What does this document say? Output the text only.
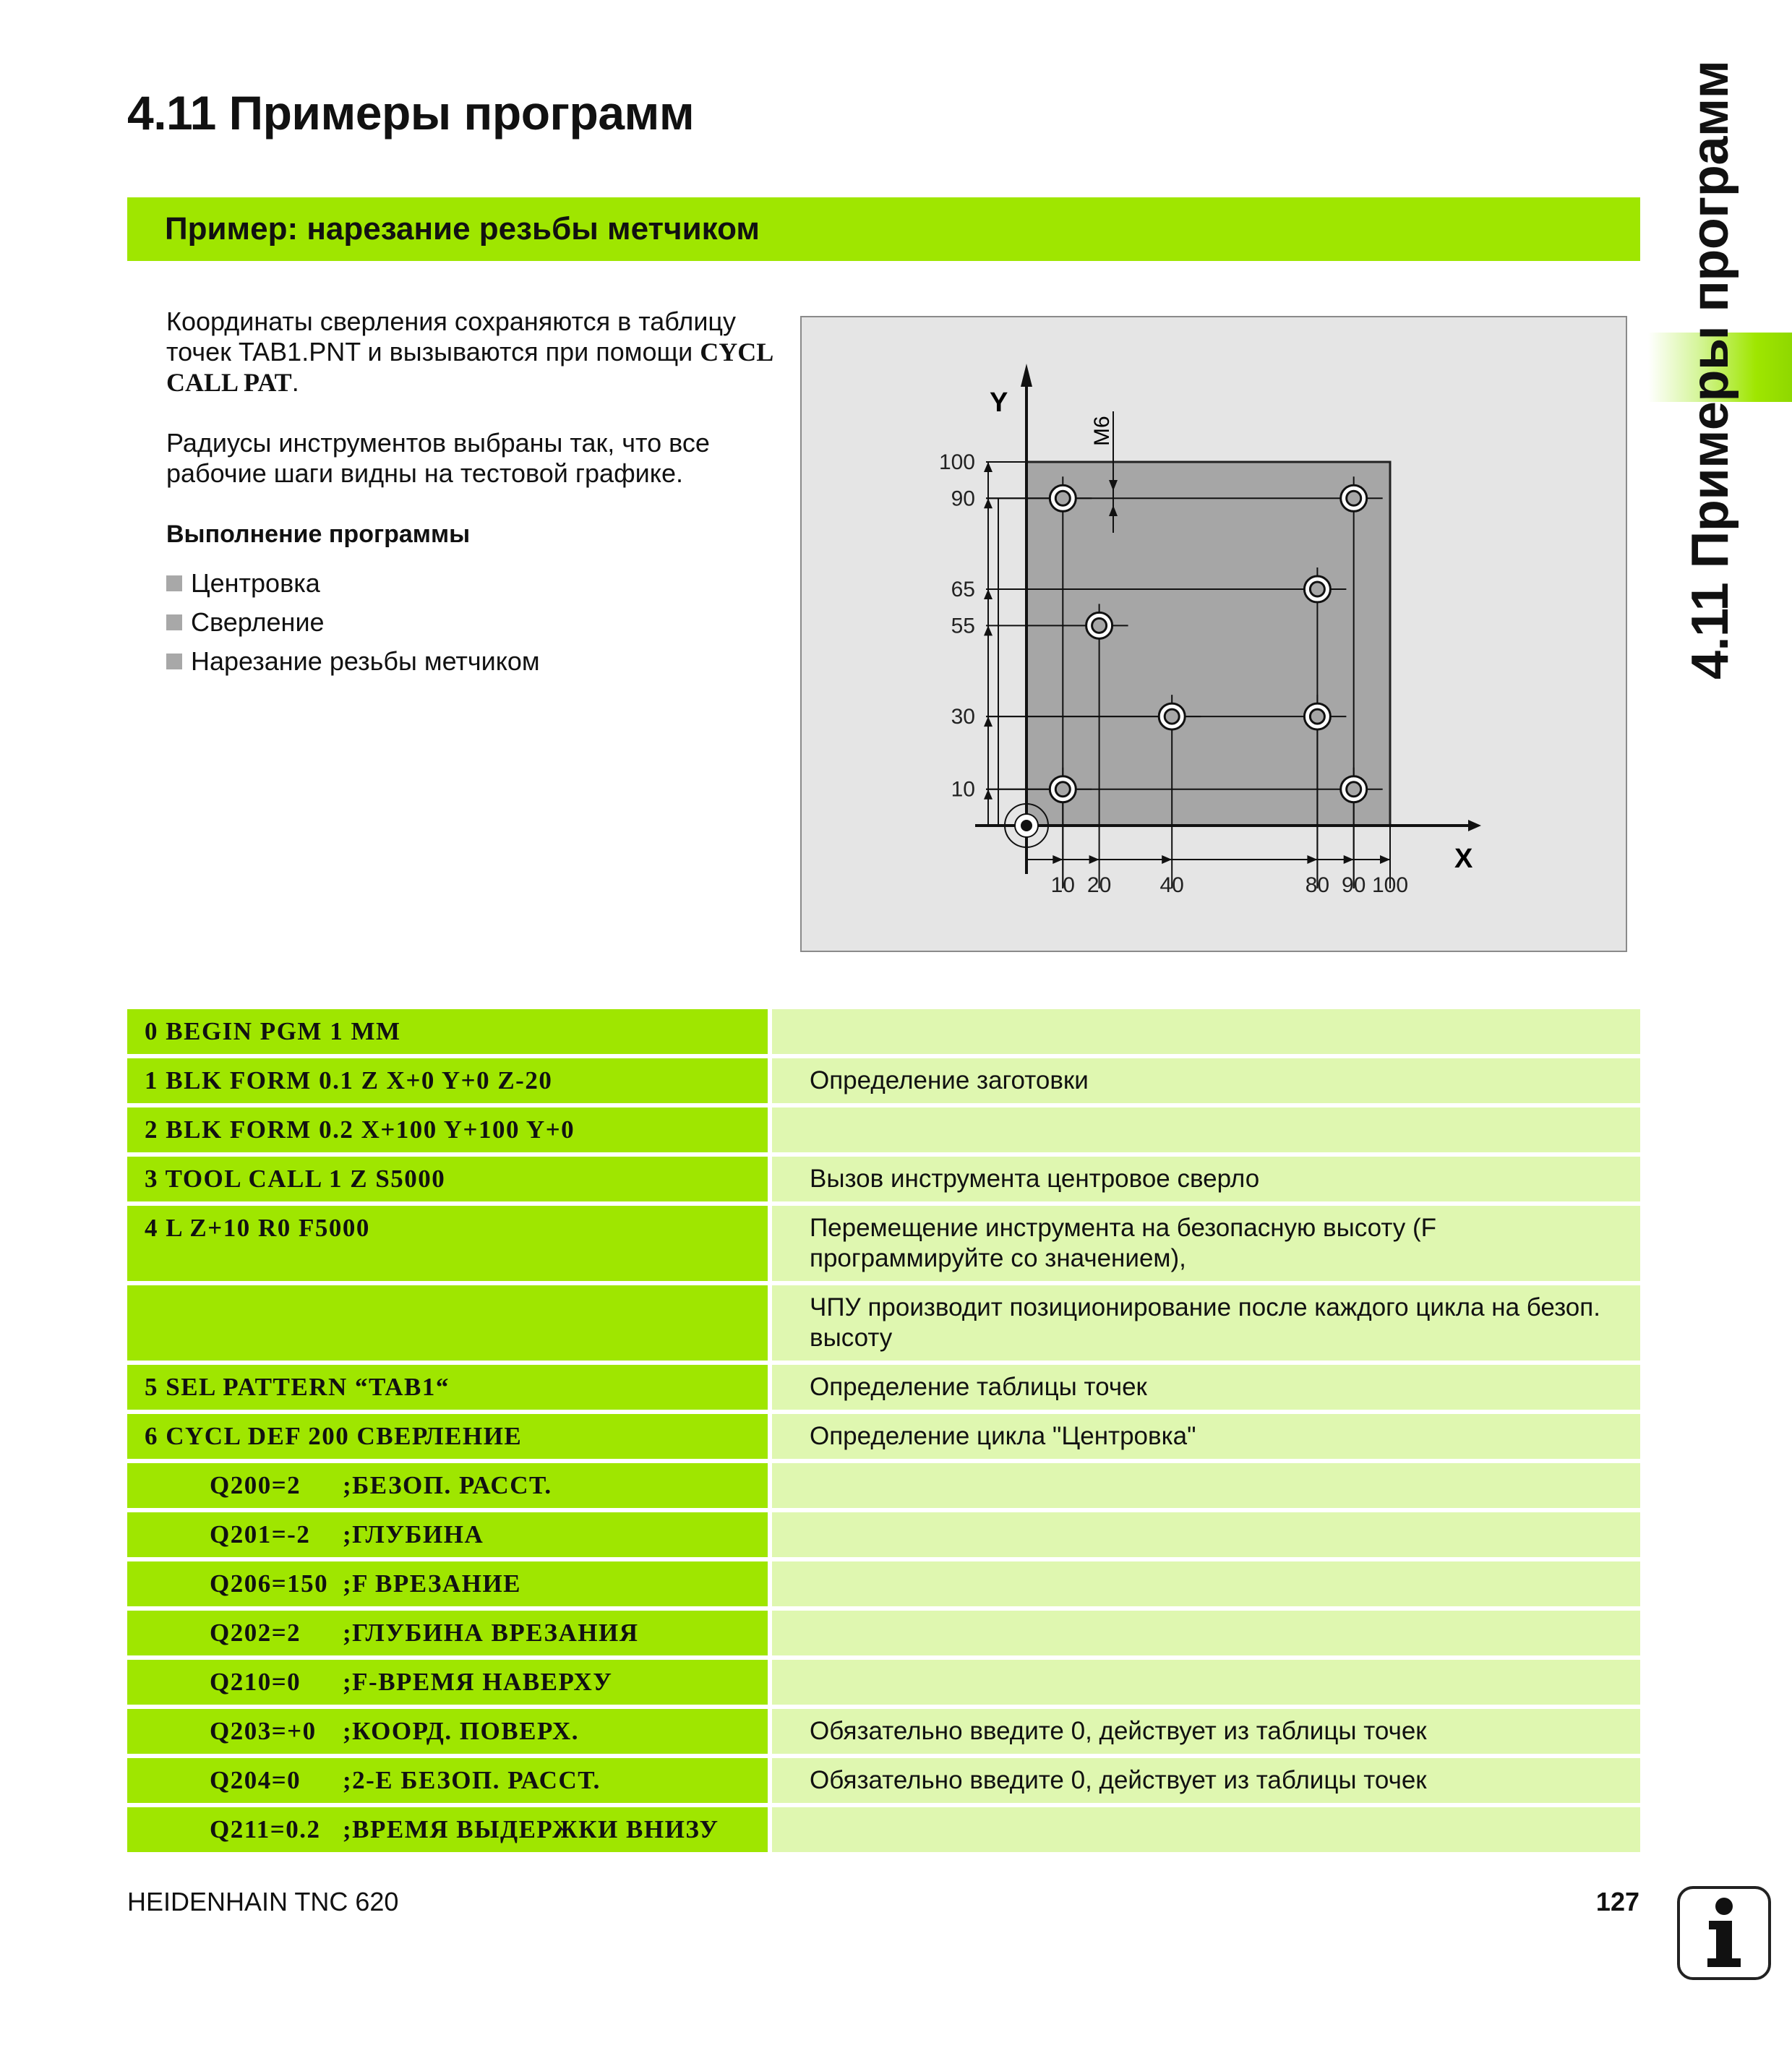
4.11 Примеры программ
Пример: нарезание резьбы метчиком

Координаты сверления сохраняются в таблицу точек TAB1.PNT и вызываются при помощи CYCL CALL PAT.

Радиусы инструментов выбраны так, что все рабочие шаги видны на тестовой графике.

Выполнение программы
Центровка
Сверление
Нарезание резьбы метчиком
Y
X
M6
100
90
65
55
30
10
10 20 40	80 90 100
4.11 Примеры программ
0 BEGIN PGM 1 MM
1 BLK FORM 0.1 Z X+0 Y+0 Z-20	Определение заготовки
2 BLK FORM 0.2 X+100 Y+100 Y+0
3 TOOL CALL 1 Z S5000	Вызов инструмента центровое сверло
4 L Z+10 R0 F5000	Перемещение инструмента на безопасную высоту (F программируйте со значением),
ЧПУ производит позиционирование после каждого цикла на безоп. высоту
5 SEL PATTERN “TAB1“	Определение таблицы точек
6 CYCL DEF 200 СВЕРЛЕНИЕ	Определение цикла "Центровка"
Q200=2 ;БЕЗОП. РАССТ.
Q201=-2 ;ГЛУБИНА
Q206=150 ;F ВРЕЗАНИЕ
Q202=2 ;ГЛУБИНА ВРЕЗАНИЯ
Q210=0 ;F-ВРЕМЯ НАВЕРХУ
Q203=+0 ;КООРД. ПОВЕРХ.	Обязательно введите 0, действует из таблицы точек
Q204=0 ;2-Е БЕЗОП. РАССТ.	Обязательно введите 0, действует из таблицы точек
Q211=0.2 ;ВРЕМЯ ВЫДЕРЖКИ ВНИЗУ
HEIDENHAIN TNC 620	127
